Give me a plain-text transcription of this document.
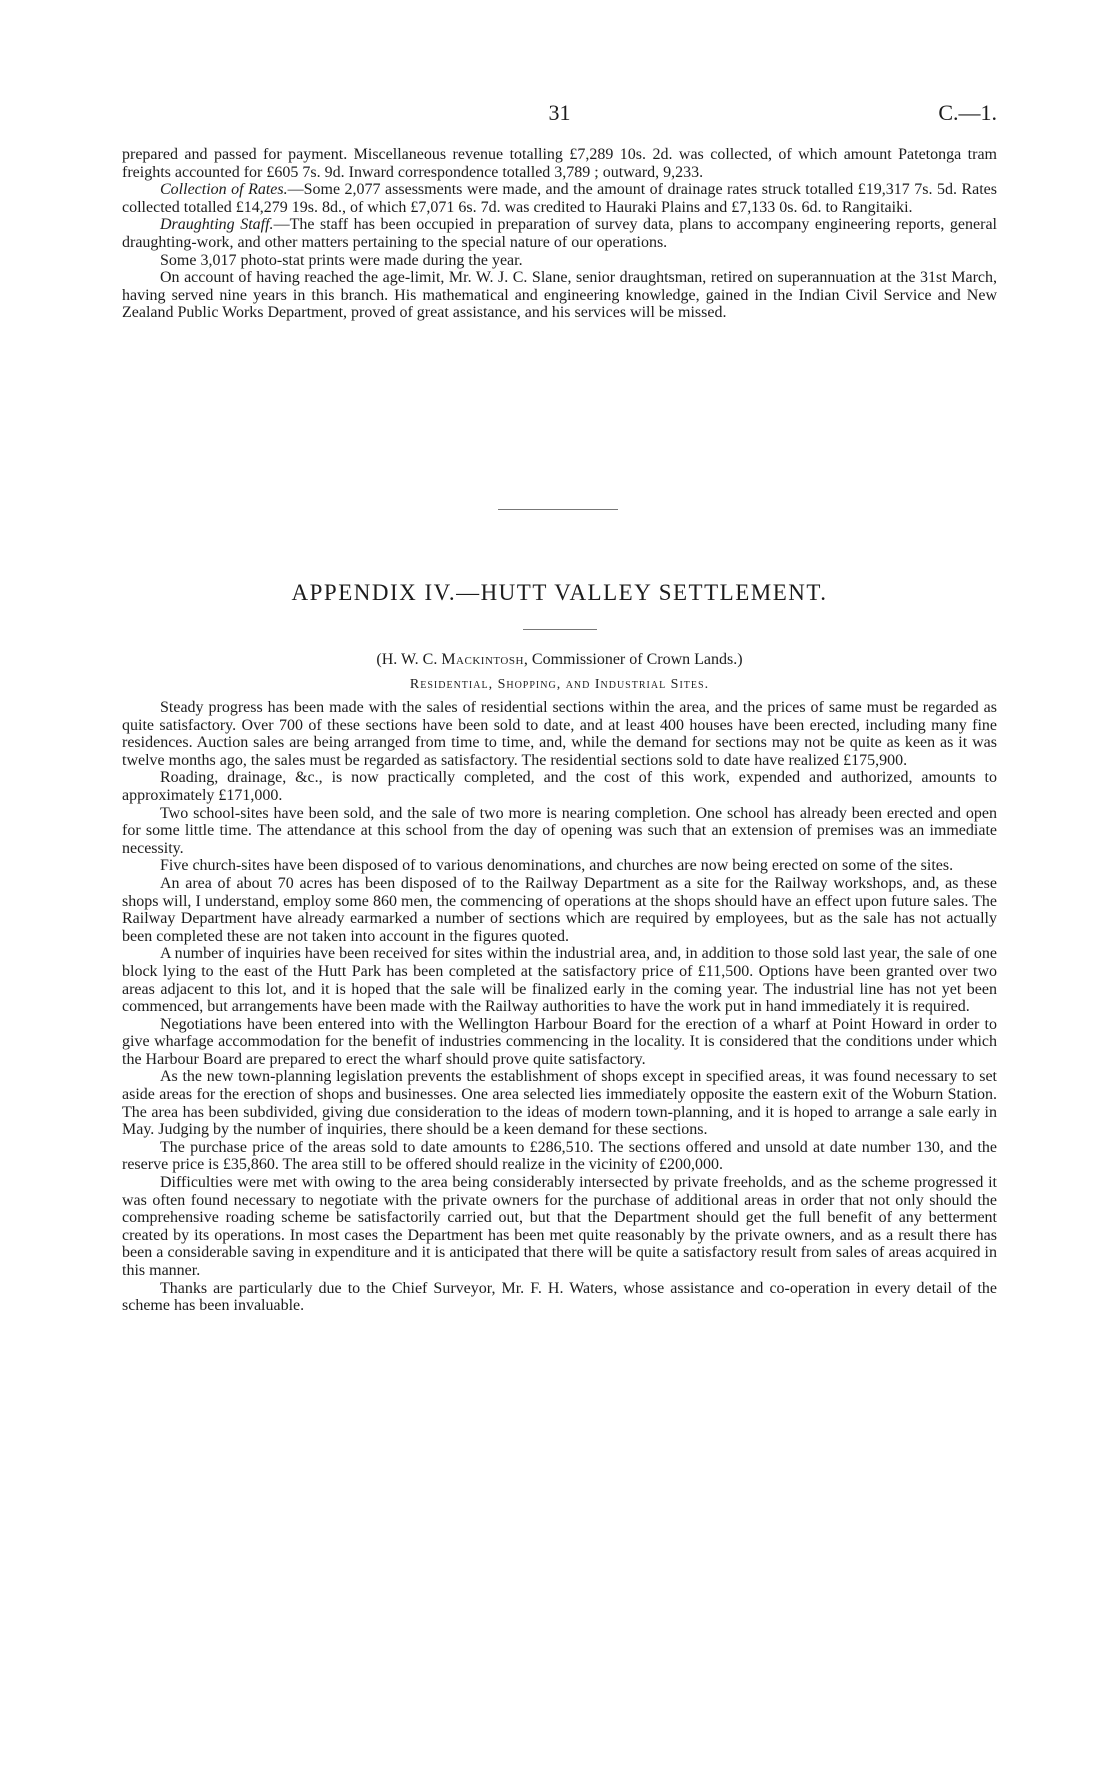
31	C.—1.

prepared and passed for payment. Miscellaneous revenue totalling £7,289 10s. 2d. was collected, of which amount Patetonga tram freights accounted for £605 7s. 9d. Inward correspondence totalled 3,789 ; outward, 9,233.

Collection of Rates.—Some 2,077 assessments were made, and the amount of drainage rates struck totalled £19,317 7s. 5d. Rates collected totalled £14,279 19s. 8d., of which £7,071 6s. 7d. was credited to Hauraki Plains and £7,133 0s. 6d. to Rangitaiki.

Draughting Staff.—The staff has been occupied in preparation of survey data, plans to accompany engineering reports, general draughting-work, and other matters pertaining to the special nature of our operations.

Some 3,017 photo-stat prints were made during the year.

On account of having reached the age-limit, Mr. W. J. C. Slane, senior draughtsman, retired on superannuation at the 31st March, having served nine years in this branch. His mathematical and engineering knowledge, gained in the Indian Civil Service and New Zealand Public Works Department, proved of great assistance, and his services will be missed.

APPENDIX IV.—HUTT VALLEY SETTLEMENT.
(H. W. C. Mackintosh, Commissioner of Crown Lands.)
Residential, Shopping, and Industrial Sites.

Steady progress has been made with the sales of residential sections within the area, and the prices of same must be regarded as quite satisfactory. Over 700 of these sections have been sold to date, and at least 400 houses have been erected, including many fine residences. Auction sales are being arranged from time to time, and, while the demand for sections may not be quite as keen as it was twelve months ago, the sales must be regarded as satisfactory. The residential sections sold to date have realized £175,900.

Roading, drainage, &c., is now practically completed, and the cost of this work, expended and authorized, amounts to approximately £171,000.

Two school-sites have been sold, and the sale of two more is nearing completion. One school has already been erected and open for some little time. The attendance at this school from the day of opening was such that an extension of premises was an immediate necessity.

Five church-sites have been disposed of to various denominations, and churches are now being erected on some of the sites.

An area of about 70 acres has been disposed of to the Railway Department as a site for the Railway workshops, and, as these shops will, I understand, employ some 860 men, the commencing of operations at the shops should have an effect upon future sales. The Railway Department have already earmarked a number of sections which are required by employees, but as the sale has not actually been completed these are not taken into account in the figures quoted.

A number of inquiries have been received for sites within the industrial area, and, in addition to those sold last year, the sale of one block lying to the east of the Hutt Park has been completed at the satisfactory price of £11,500. Options have been granted over two areas adjacent to this lot, and it is hoped that the sale will be finalized early in the coming year. The industrial line has not yet been commenced, but arrangements have been made with the Railway authorities to have the work put in hand immediately it is required.

Negotiations have been entered into with the Wellington Harbour Board for the erection of a wharf at Point Howard in order to give wharfage accommodation for the benefit of industries commencing in the locality. It is considered that the conditions under which the Harbour Board are prepared to erect the wharf should prove quite satisfactory.

As the new town-planning legislation prevents the establishment of shops except in specified areas, it was found necessary to set aside areas for the erection of shops and businesses. One area selected lies immediately opposite the eastern exit of the Woburn Station. The area has been subdivided, giving due consideration to the ideas of modern town-planning, and it is hoped to arrange a sale early in May. Judging by the number of inquiries, there should be a keen demand for these sections.

The purchase price of the areas sold to date amounts to £286,510. The sections offered and unsold at date number 130, and the reserve price is £35,860. The area still to be offered should realize in the vicinity of £200,000.

Difficulties were met with owing to the area being considerably intersected by private freeholds, and as the scheme progressed it was often found necessary to negotiate with the private owners for the purchase of additional areas in order that not only should the comprehensive roading scheme be satisfactorily carried out, but that the Department should get the full benefit of any betterment created by its operations. In most cases the Department has been met quite reasonably by the private owners, and as a result there has been a considerable saving in expenditure and it is anticipated that there will be quite a satisfactory result from sales of areas acquired in this manner.

Thanks are particularly due to the Chief Surveyor, Mr. F. H. Waters, whose assistance and co-operation in every detail of the scheme has been invaluable.
